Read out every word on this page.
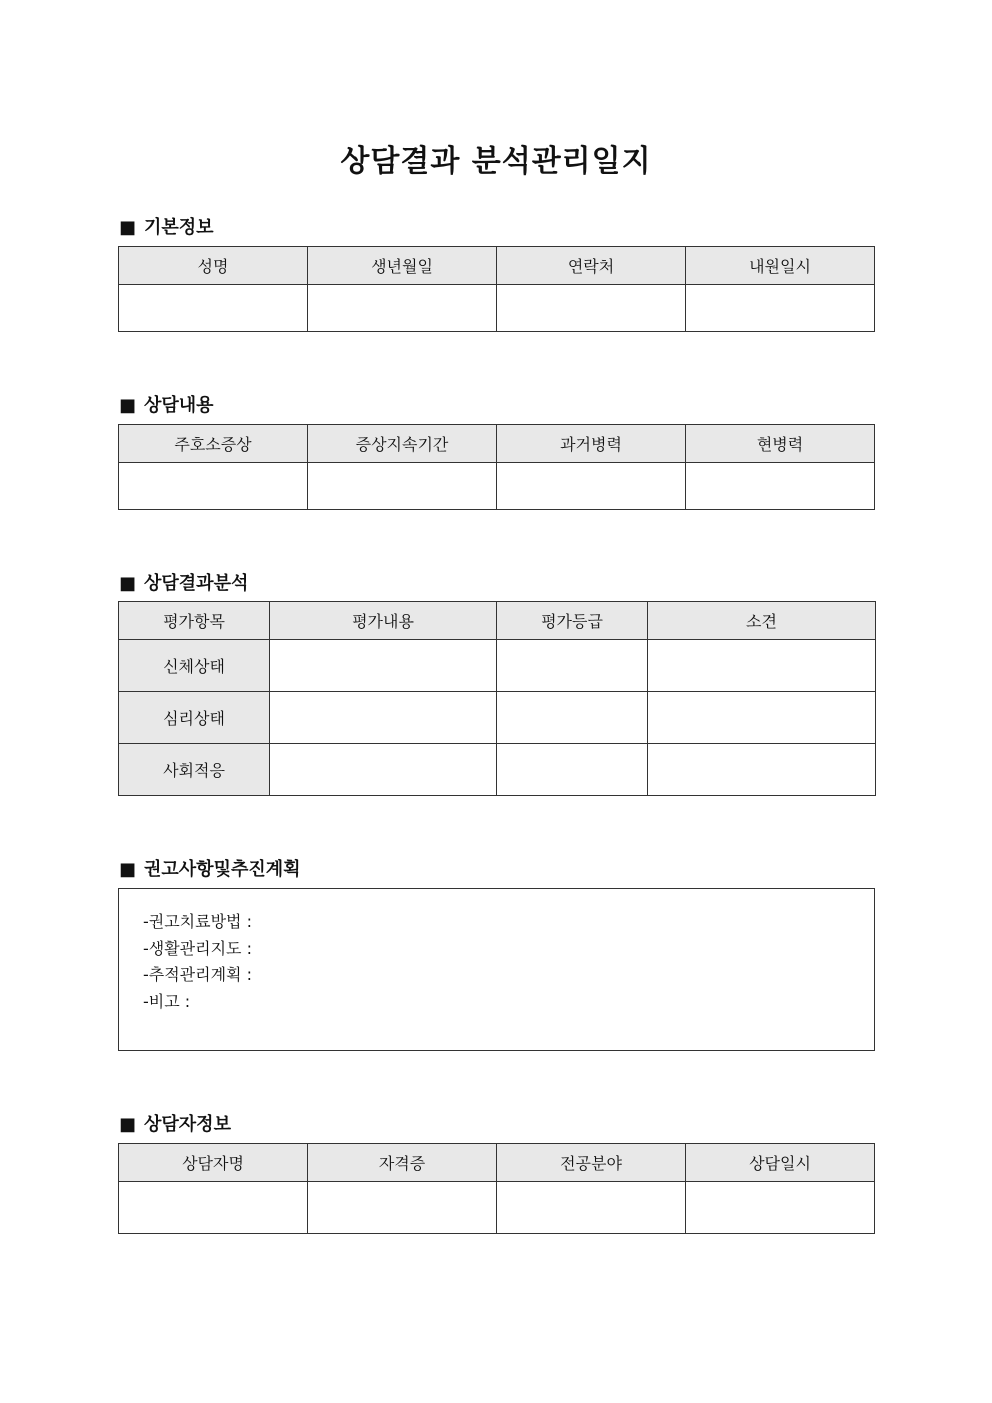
상담결과 분석관리일지
■ 기본정보
성명	생년월일	연락처	내원일시

■ 상담내용
주호소증상	증상지속기간	과거병력	현병력

■ 상담결과분석
평가항목	평가내용	평가등급	소견
신체상태			
심리상태			
사회적응			
■ 권고사항및추진계획
-권고치료방법 :
-생활관리지도 :
-추적관리계획 :
-비고 :
■ 상담자정보
상담자명	자격증	전공분야	상담일시
